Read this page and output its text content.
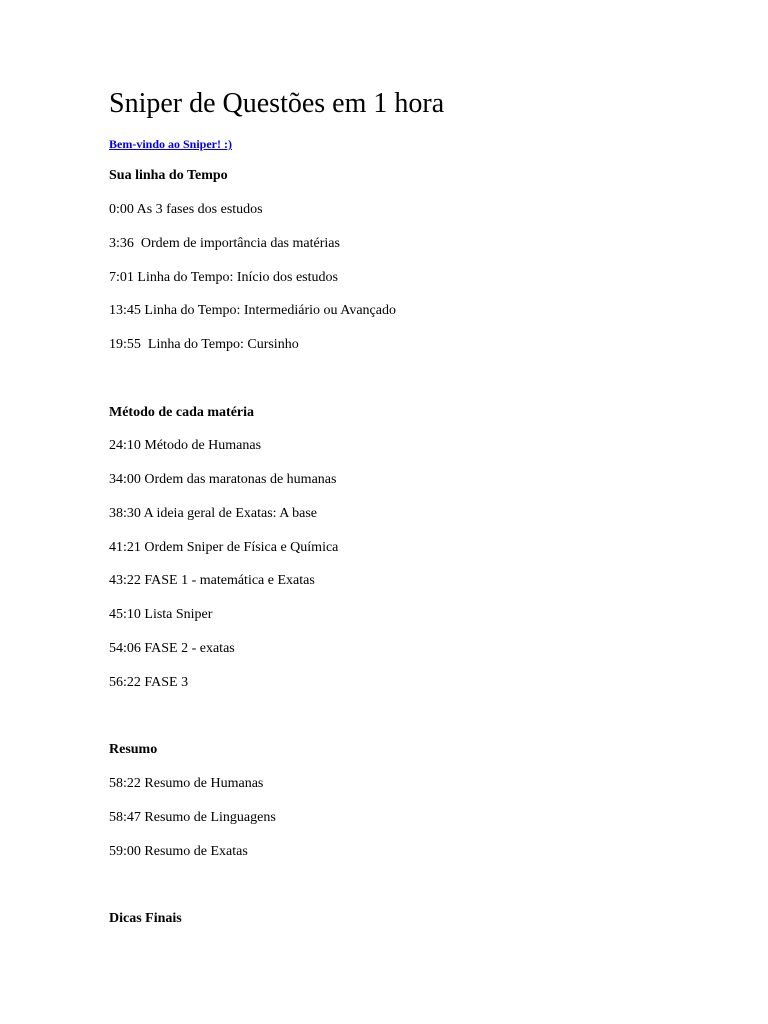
Sniper de Questões em 1 hora
Bem-vindo ao Sniper! :)
Sua linha do Tempo
0:00 As 3 fases dos estudos
3:36  Ordem de importância das matérias
7:01 Linha do Tempo: Início dos estudos
13:45 Linha do Tempo: Intermediário ou Avançado
19:55  Linha do Tempo: Cursinho
Método de cada matéria
24:10 Método de Humanas
34:00 Ordem das maratonas de humanas
38:30 A ideia geral de Exatas: A base
41:21 Ordem Sniper de Física e Química
43:22 FASE 1 - matemática e Exatas
45:10 Lista Sniper
54:06 FASE 2 - exatas
56:22 FASE 3
Resumo
58:22 Resumo de Humanas
58:47 Resumo de Linguagens
59:00 Resumo de Exatas
Dicas Finais
